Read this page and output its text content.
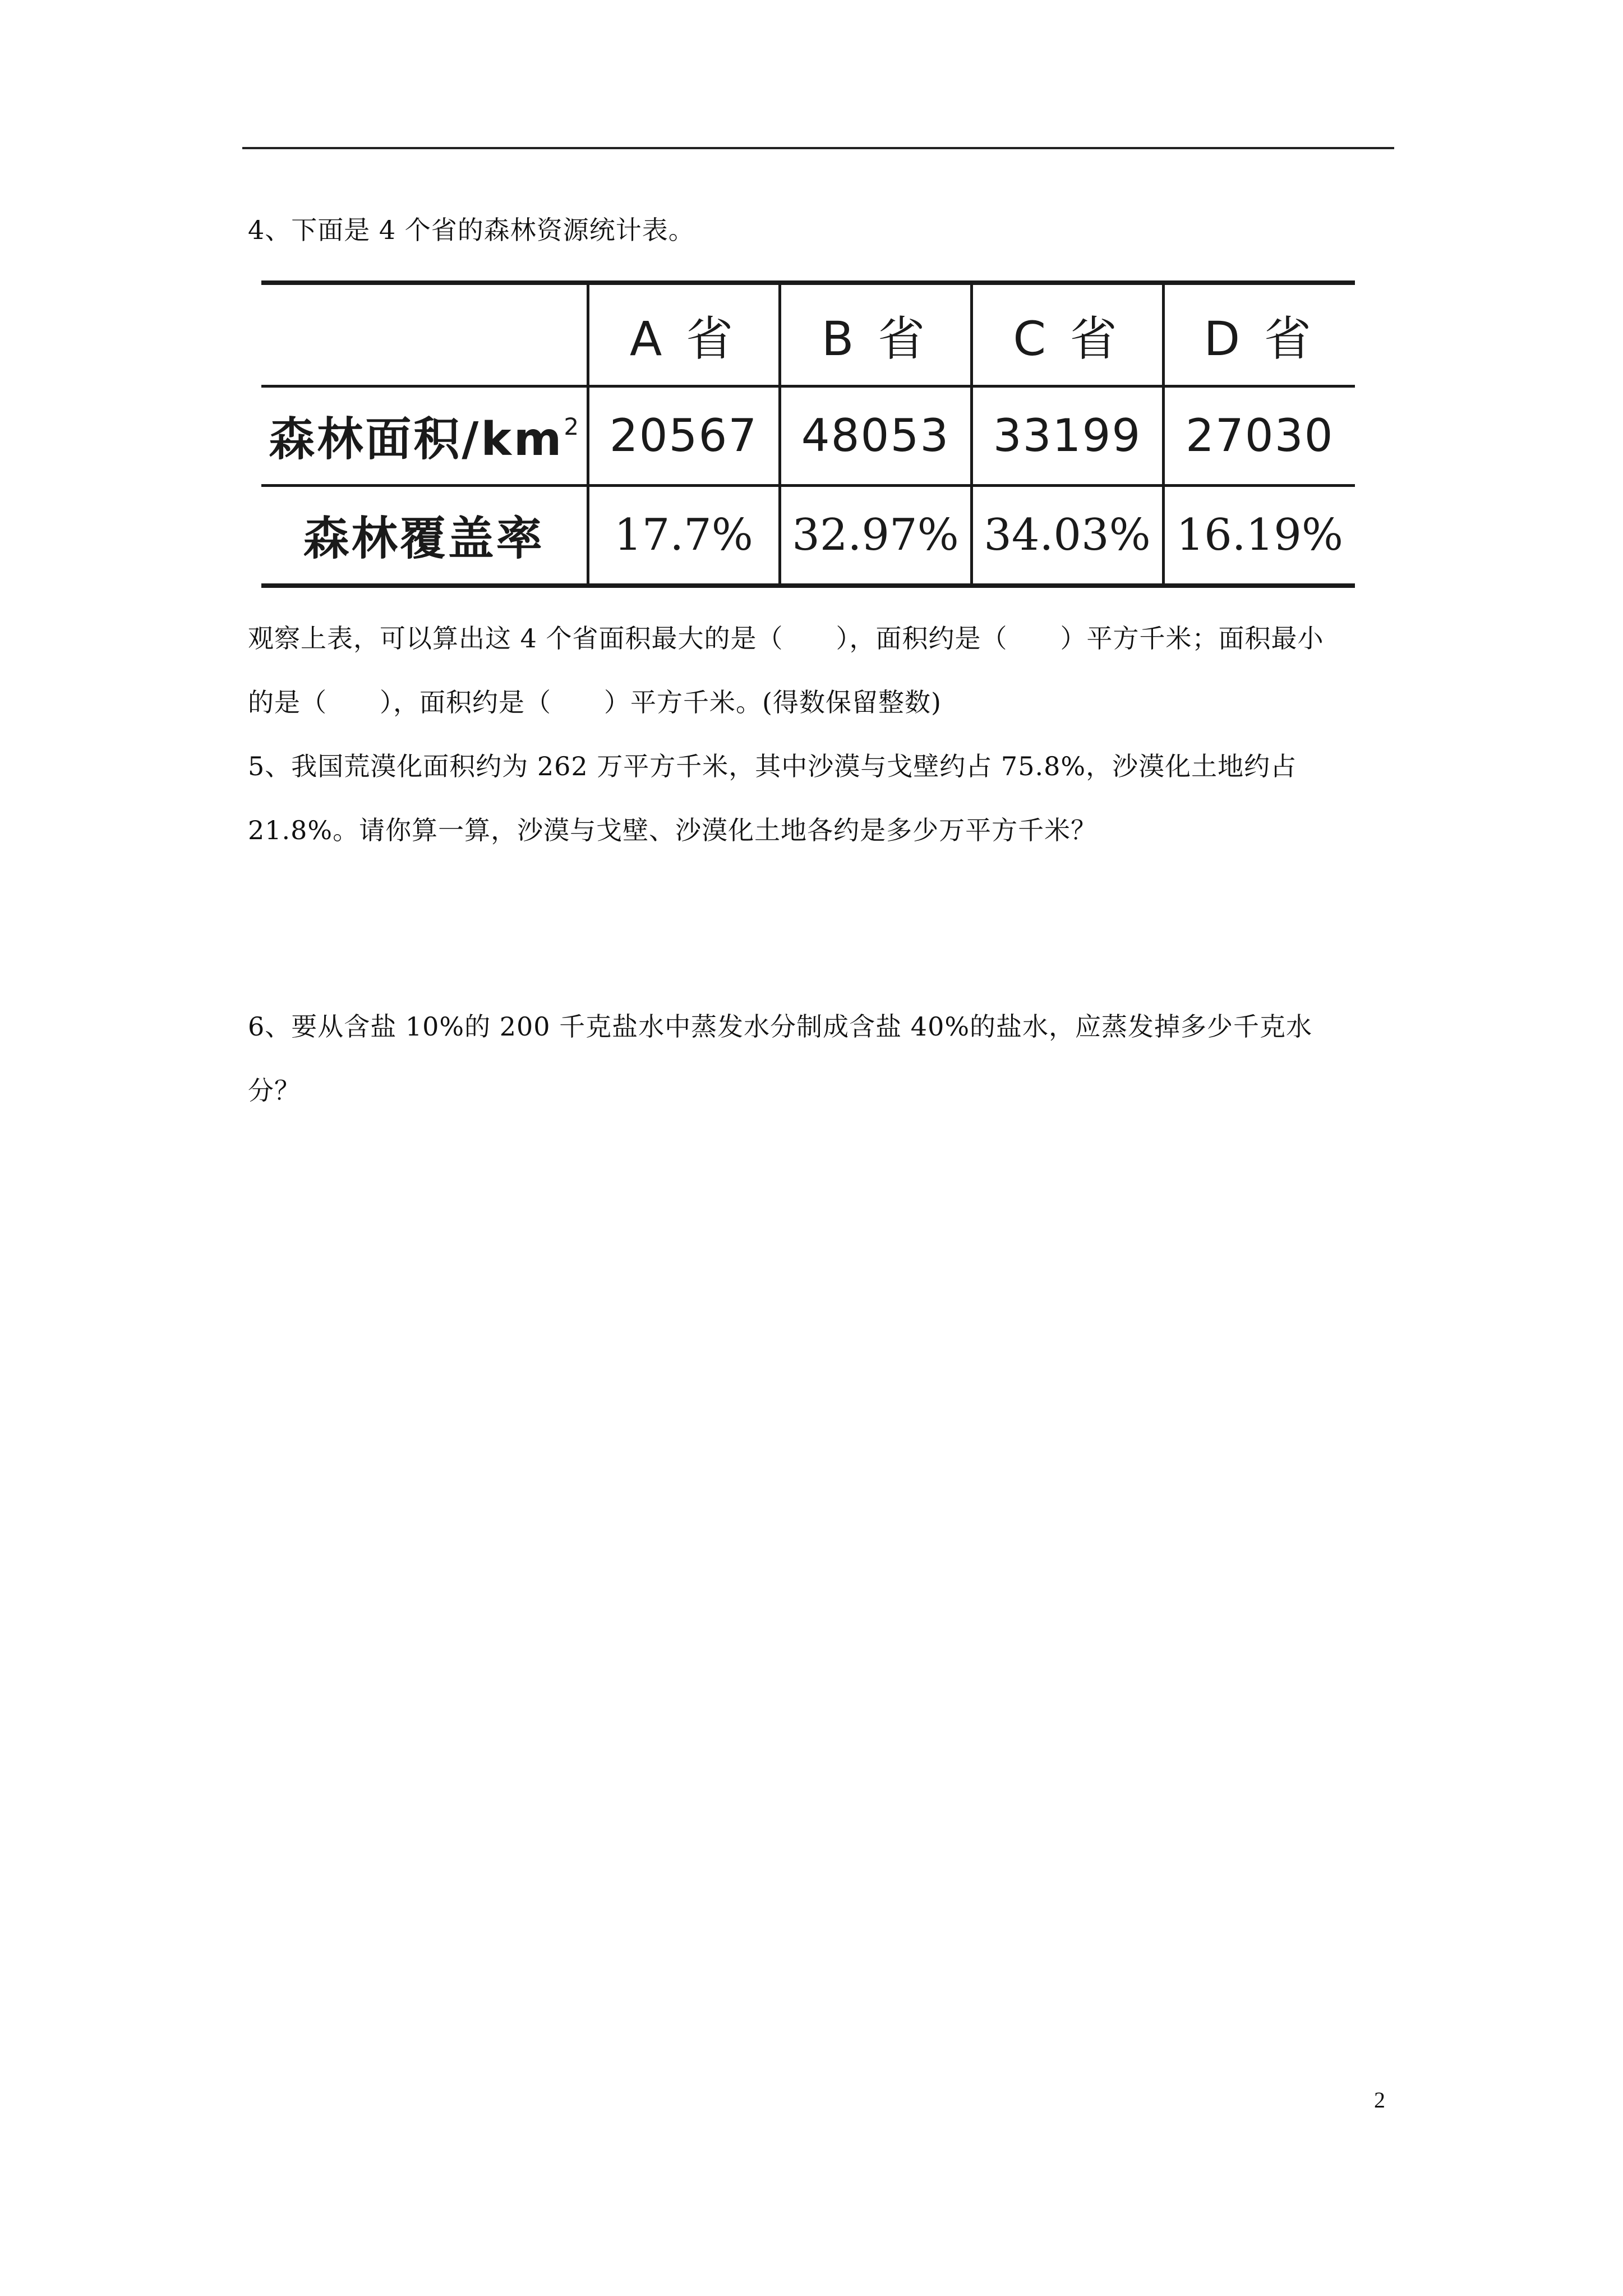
4、下面是 4 个省的森林资源统计表。
	A 省	B 省	C 省	D 省
森林面积$/km^2$	20567	48053	33199	27030
森林覆盖率	17.7%	32.97%	34.03%	16.19%
观察上表，可以算出这 4 个省面积最大的是（　　），面积约是（　　）平方千米；面积最小
的是（　　），面积约是（　　）平方千米。(得数保留整数)
5、我国荒漠化面积约为 262 万平方千米，其中沙漠与戈壁约占 75.8%，沙漠化土地约占
21.8%。请你算一算，沙漠与戈壁、沙漠化土地各约是多少万平方千米？
6、要从含盐 10%的 200 千克盐水中蒸发水分制成含盐 40%的盐水，应蒸发掉多少千克水
分？
2
